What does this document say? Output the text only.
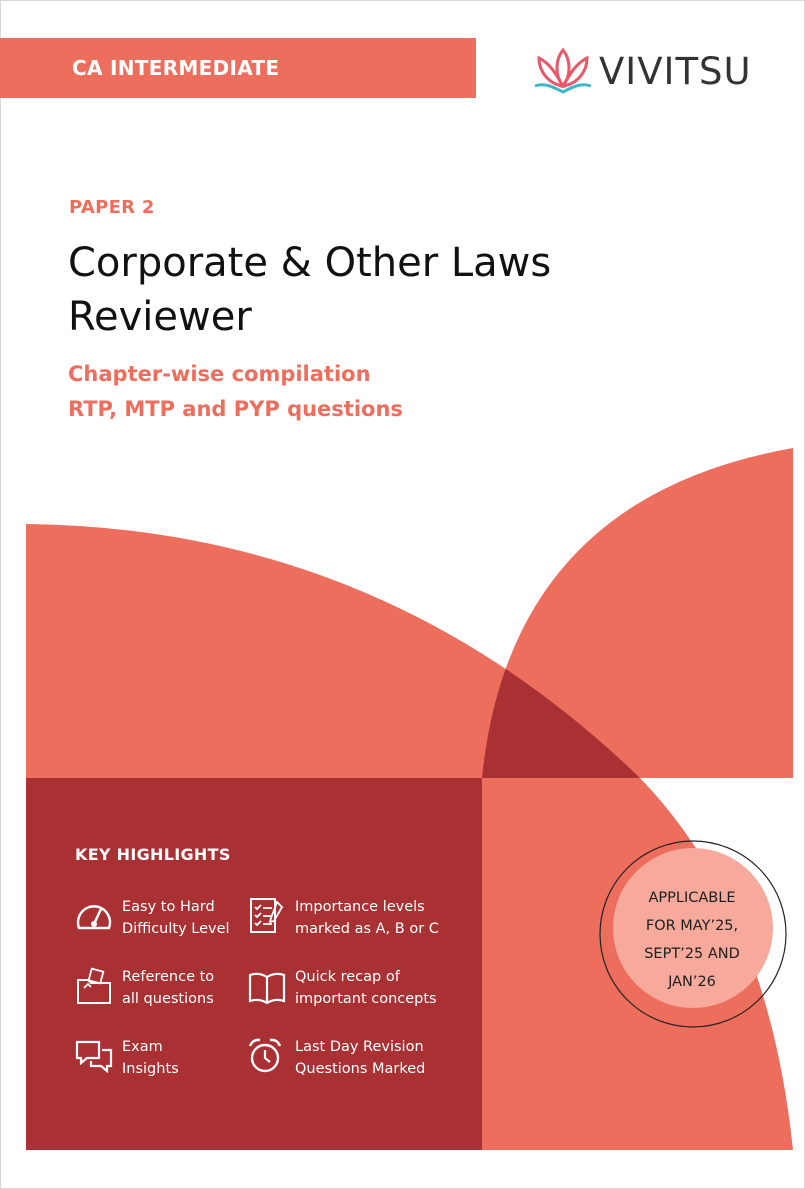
CA INTERMEDIATE	VIVITSU
PAPER 2
Corporate & Other Laws
Reviewer
Chapter-wise compilation
RTP, MTP and PYP questions
KEY HIGHLIGHTS
Easy to Hard
Difficulty Level
Importance levels
marked as A, B or C
Reference to
all questions
Quick recap of
important concepts
Exam
Insights
Last Day Revision
Questions Marked
APPLICABLE
FOR MAY’25,
SEPT’25 AND
JAN’26
